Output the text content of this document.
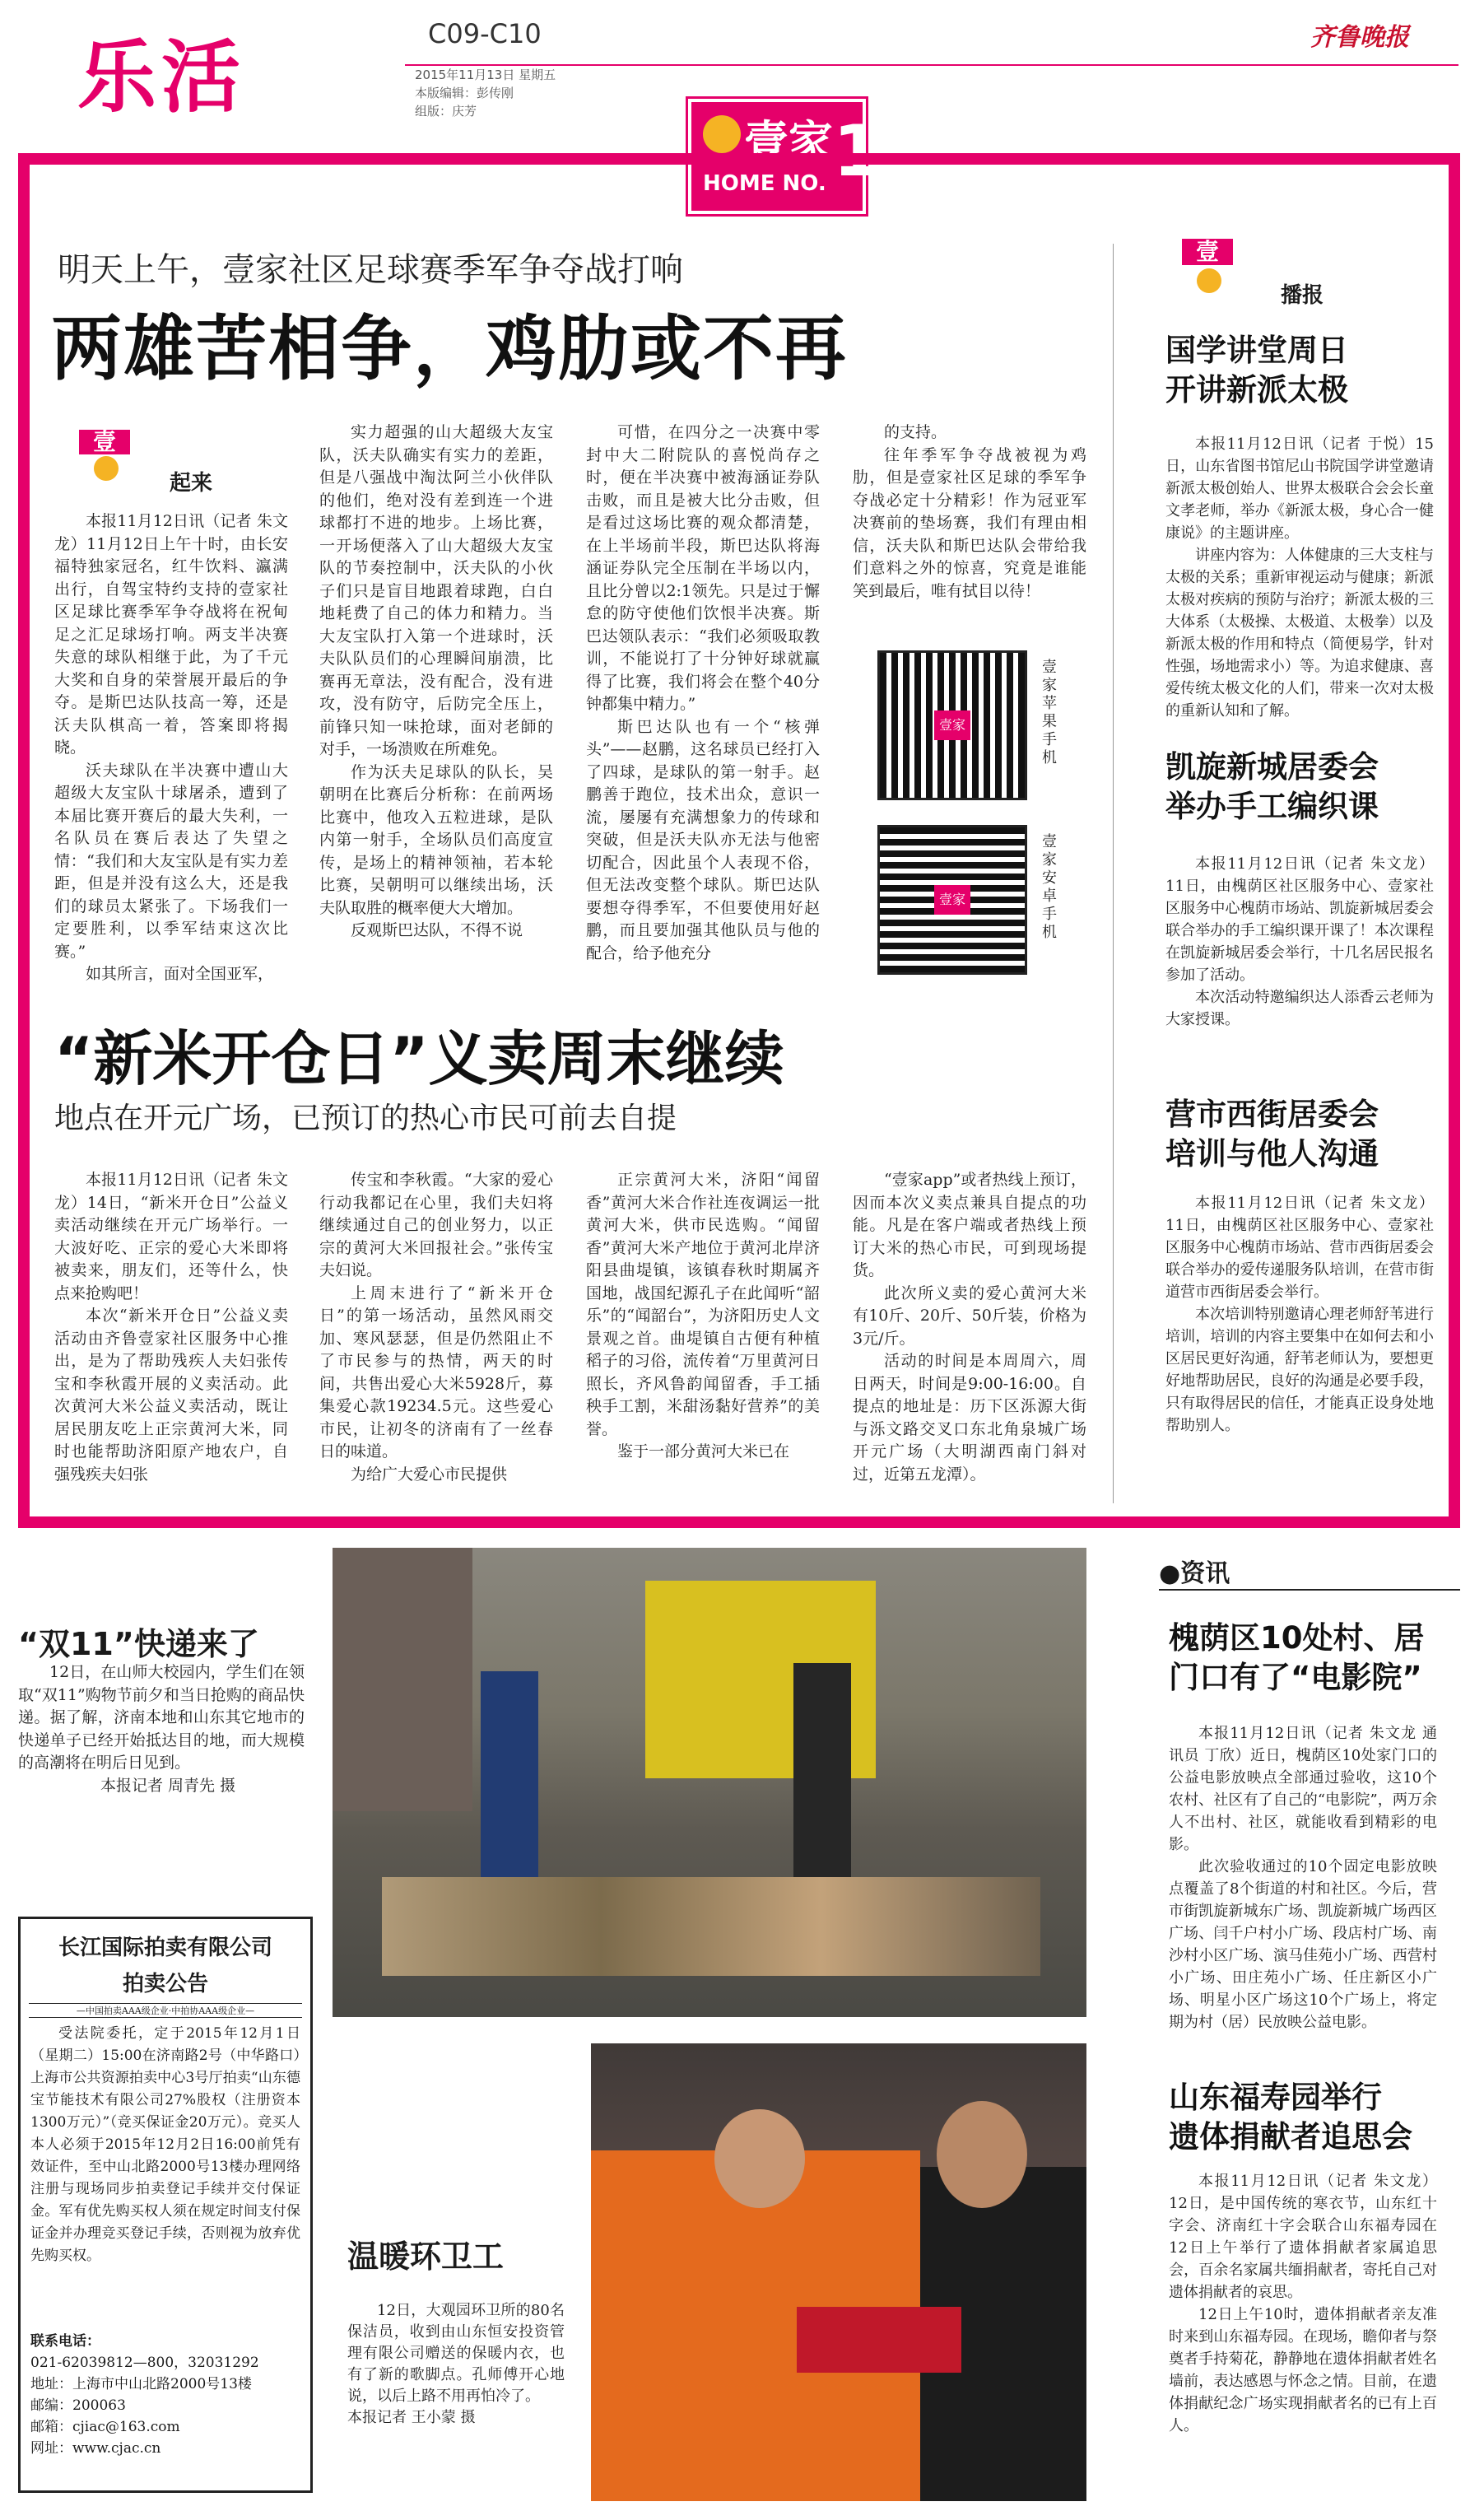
乐活	C09-C10
2015年11月13日 星期五
本版编辑：彭传刚
组版：庆芳
齐鲁晚报
壹家
HOME NO. 1
明天上午，壹家社区足球赛季军争夺战打响
两雄苦相争，鸡肋或不再
壹
起来

本报11月12日讯（记者 朱文龙）11月12日上午十时，由长安福特独家冠名，红牛饮料、瀛满出行，自驾宝特约支持的壹家社区足球比赛季军争夺战将在祝甸足之汇足球场打响。两支半决赛失意的球队相继于此，为了千元大奖和自身的荣誉展开最后的争夺。是斯巴达队技高一筹，还是沃夫队棋高一着，答案即将揭晓。

沃夫球队在半决赛中遭山大超级大友宝队十球屠杀，遭到了本届比赛开赛后的最大失利，一名队员在赛后表达了失望之情：“我们和大友宝队是有实力差距，但是并没有这么大，还是我们的球员太紧张了。下场我们一定要胜利，以季军结束这次比赛。”

如其所言，面对全国亚军，

实力超强的山大超级大友宝队，沃夫队确实有实力的差距，但是八强战中淘汰阿兰小伙伴队的他们，绝对没有差到连一个进球都打不进的地步。上场比赛，一开场便落入了山大超级大友宝队的节奏控制中，沃夫队的小伙子们只是盲目地跟着球跑，白白地耗费了自己的体力和精力。当大友宝队打入第一个进球时，沃夫队队员们的心理瞬间崩溃，比赛再无章法，没有配合，没有进攻，没有防守，后防完全压上，前锋只知一味抢球，面对老師的对手，一场溃败在所难免。

作为沃夫足球队的队长，吴朝明在比赛后分析称：在前两场比赛中，他攻入五粒进球，是队内第一射手，全场队员们高度宣传，是场上的精神领袖，若本轮比赛，吴朝明可以继续出场，沃夫队取胜的概率便大大增加。

反观斯巴达队，不得不说

可惜，在四分之一决赛中零封中大二附院队的喜悦尚存之时，便在半决赛中被海涵证券队击败，而且是被大比分击败，但是看过这场比赛的观众都清楚，在上半场前半段，斯巴达队将海涵证券队完全压制在半场以内，且比分曾以2:1领先。只是过于懈怠的防守使他们饮恨半决赛。斯巴达领队表示：“我们必须吸取教训，不能说打了十分钟好球就赢得了比赛，我们将会在整个40分钟都集中精力。”

斯巴达队也有一个“核弹头”——赵鹏，这名球员已经打入了四球，是球队的第一射手。赵鹏善于跑位，技术出众，意识一流，屡屡有充满想象力的传球和突破，但是沃夫队亦无法与他密切配合，因此虽个人表现不俗，但无法改变整个球队。斯巴达队要想夺得季军，不但要使用好赵鹏，而且要加强其他队员与他的配合，给予他充分

的支持。

往年季军争夺战被视为鸡肋，但是壹家社区足球的季军争夺战必定十分精彩！作为冠亚军决赛前的垫场赛，我们有理由相信，沃夫队和斯巴达队会带给我们意料之外的惊喜，究竟是谁能笑到最后，唯有拭目以待！

壹家
壹家苹果手机
壹家
壹家安卓手机
“新米开仓日”义卖周末继续
地点在开元广场，已预订的热心市民可前去自提

本报11月12日讯（记者 朱文龙）14日，“新米开仓日”公益义卖活动继续在开元广场举行。一大波好吃、正宗的爱心大米即将被卖来，朋友们，还等什么，快点来抢购吧！

本次“新米开仓日”公益义卖活动由齐鲁壹家社区服务中心推出，是为了帮助残疾人夫妇张传宝和李秋霞开展的义卖活动。此次黄河大米公益义卖活动，既让居民朋友吃上正宗黄河大米，同时也能帮助济阳原产地农户，自强残疾夫妇张

传宝和李秋霞。“大家的爱心行动我都记在心里，我们夫妇将继续通过自己的创业努力，以正宗的黄河大米回报社会。”张传宝夫妇说。

上周末进行了“新米开仓日”的第一场活动，虽然风雨交加、寒风瑟瑟，但是仍然阻止不了市民参与的热情，两天的时间，共售出爱心大米5928斤，募集爱心款19234.5元。这些爱心市民，让初冬的济南有了一丝春日的味道。

为给广大爱心市民提供

正宗黄河大米，济阳“闻留香”黄河大米合作社连夜调运一批黄河大米，供市民选购。“闻留香”黄河大米产地位于黄河北岸济阳县曲堤镇，该镇春秋时期属齐国地，战国纪源孔子在此闻听“韶乐”的“闻韶台”，为济阳历史人文景观之首。曲堤镇自古便有种植稻子的习俗，流传着“万里黄河日照长，齐风鲁韵闻留香，手工插秧手工割，米甜汤黏好营养”的美誉。

鉴于一部分黄河大米已在

“壹家app”或者热线上预订，因而本次义卖点兼具自提点的功能。凡是在客户端或者热线上预订大米的热心市民，可到现场提货。

此次所义卖的爱心黄河大米有10斤、20斤、50斤装，价格为3元/斤。

活动的时间是本周周六，周日两天，时间是9:00-16:00。自提点的地址是：历下区泺源大街与泺文路交叉口东北角泉城广场开元广场（大明湖西南门斜对过，近第五龙潭）。

壹
播报
国学讲堂周日
开讲新派太极

本报11月12日讯（记者 于悦）15日，山东省图书馆尼山书院国学讲堂邀请新派太极创始人、世界太极联合会会长童文孝老师，举办《新派太极，身心合一健康说》的主题讲座。

讲座内容为：人体健康的三大支柱与太极的关系；重新审视运动与健康；新派太极对疾病的预防与治疗；新派太极的三大体系（太极操、太极道、太极拳）以及新派太极的作用和特点（简便易学，针对性强，场地需求小）等。为追求健康、喜爱传统太极文化的人们，带来一次对太极的重新认知和了解。

凯旋新城居委会
举办手工编织课

本报11月12日讯（记者 朱文龙）11日，由槐荫区社区服务中心、壹家社区服务中心槐荫市场站、凯旋新城居委会联合举办的手工编织课开课了！本次课程在凯旋新城居委会举行，十几名居民报名参加了活动。

本次活动特邀编织达人添香云老师为大家授课。

营市西街居委会
培训与他人沟通

本报11月12日讯（记者 朱文龙）11日，由槐荫区社区服务中心、壹家社区服务中心槐荫市场站、营市西街居委会联合举办的爱传递服务队培训，在营市街道营市西街居委会举行。

本次培训特别邀请心理老师舒苇进行培训，培训的内容主要集中在如何去和小区居民更好沟通，舒苇老师认为，要想更好地帮助居民，良好的沟通是必要手段，只有取得居民的信任，才能真正设身处地帮助别人。

“双11”快递来了

12日，在山师大校园内，学生们在领取“双11”购物节前夕和当日抢购的商品快递。据了解，济南本地和山东其它地市的快递单子已经开始抵达目的地，而大规模的高潮将在明后日见到。

本报记者 周青先 摄

长江国际拍卖有限公司
拍卖公告
—中国拍卖AAA级企业·中拍协AAA级企业—
受法院委托，定于2015年12月1日（星期二）15:00在济南路2号（中华路口）上海市公共资源拍卖中心3号厅拍卖“山东德宝节能技术有限公司27%股权（注册资本1300万元）”（竞买保证金20万元）。竞买人本人必须于2015年12月2日16:00前凭有效证件，至中山北路2000号13楼办理网络注册与现场同步拍卖登记手续并交付保证金。军有优先购买权人须在规定时间支付保证金并办理竞买登记手续，否则视为放弃优先购买权。
联系电话：
021-62039812—800，32031292
地址：上海市中山北路2000号13楼
邮编：200063
邮箱：cjiac@163.com
网址：www.cjac.cn
温暖环卫工

12日，大观园环卫所的80名保洁员，收到由山东恒安投资管理有限公司赠送的保暖内衣，也有了新的歌脚点。孔师傅开心地说，以后上路不用再怕冷了。

本报记者 王小蒙 摄

●资讯
槐荫区10处村、居
门口有了“电影院”

本报11月12日讯（记者 朱文龙 通讯员 丁欣）近日，槐荫区10处家门口的公益电影放映点全部通过验收，这10个农村、社区有了自己的“电影院”，两万余人不出村、社区，就能收看到精彩的电影。

此次验收通过的10个固定电影放映点覆盖了8个街道的村和社区。今后，营市街凯旋新城东广场、凯旋新城广场西区广场、闫千户村小广场、段店村广场、南沙村小区广场、演马佳苑小广场、西营村小广场、田庄苑小广场、任庄新区小广场、明星小区广场这10个广场上，将定期为村（居）民放映公益电影。

山东福寿园举行
遗体捐献者追思会

本报11月12日讯（记者 朱文龙）12日，是中国传统的寒衣节，山东红十字会、济南红十字会联合山东福寿园在12日上午举行了遗体捐献者家属追思会，百余名家属共缅捐献者，寄托自己对遗体捐献者的哀思。

12日上午10时，遗体捐献者亲友准时来到山东福寿园。在现场，瞻仰者与祭奠者手持菊花，静静地在遗体捐献者姓名墙前，表达感恩与怀念之情。目前，在遗体捐献纪念广场实现捐献者名的已有上百人。
